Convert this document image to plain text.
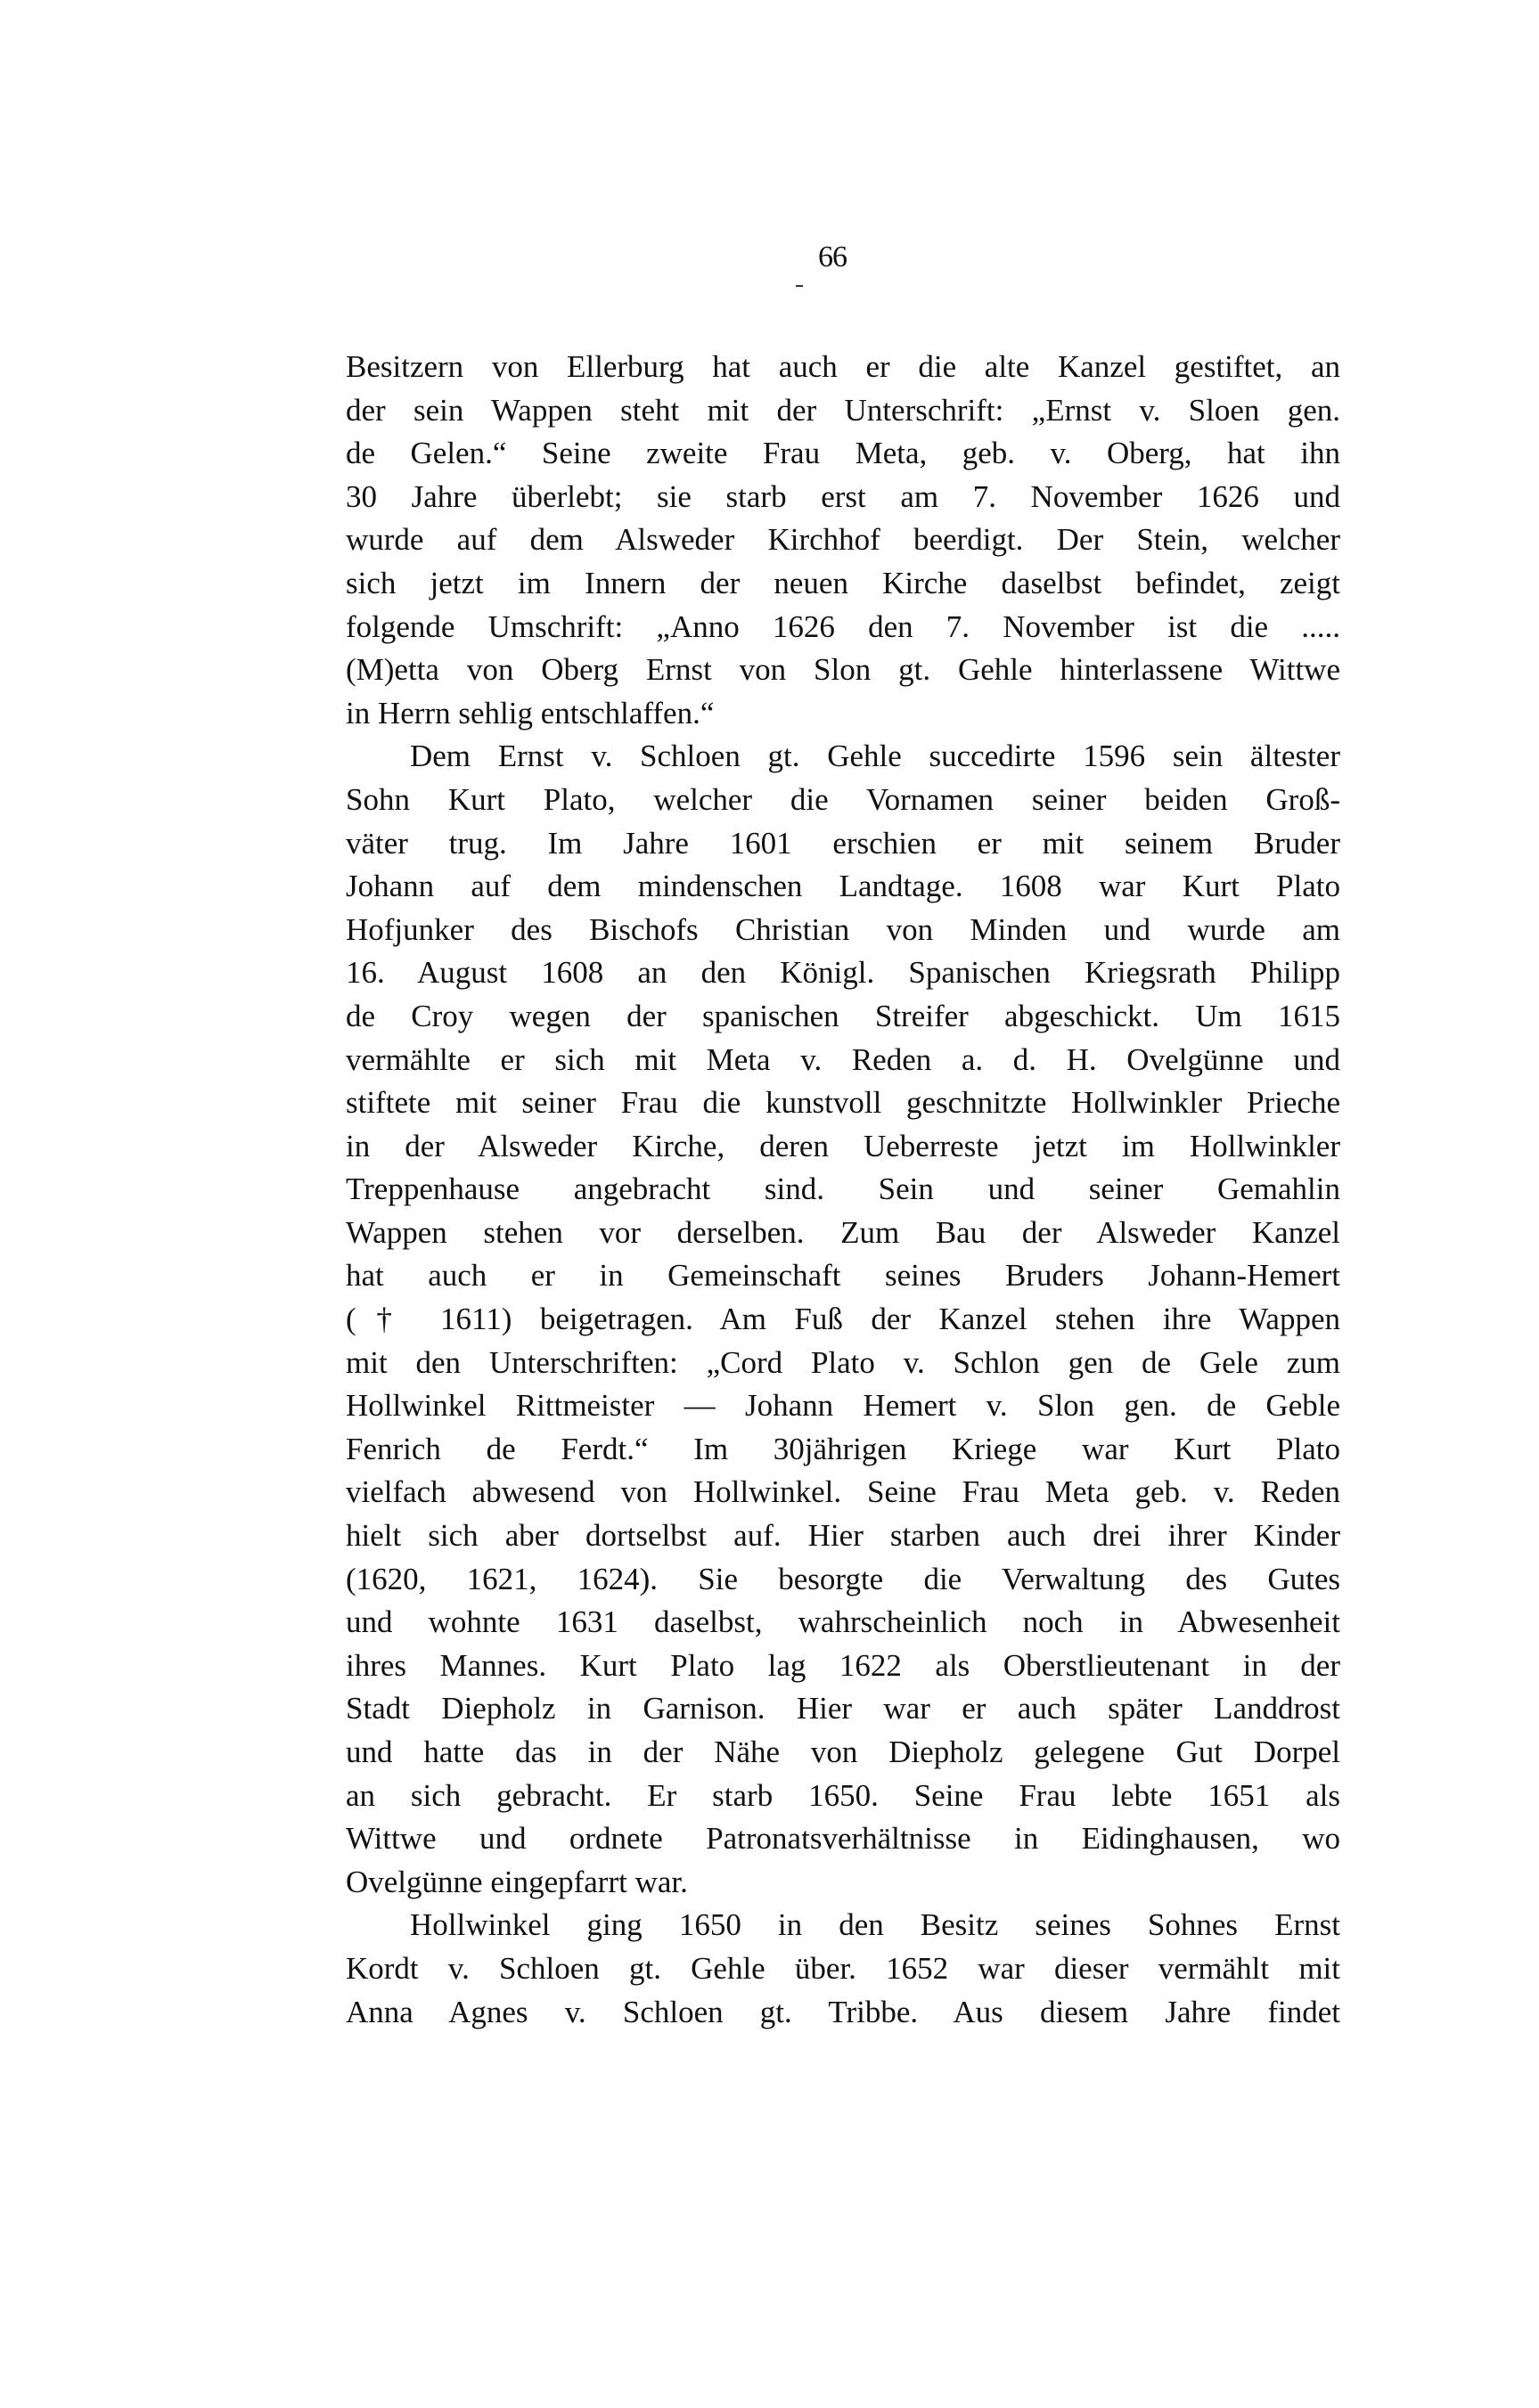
66
Besitzern von Ellerburg hat auch er die alte Kanzel gestiftet, an
der sein Wappen steht mit der Unterschrift: „Ernst v. Sloen gen.
de Gelen.“ Seine zweite Frau Meta, geb. v. Oberg, hat ihn
30 Jahre überlebt; sie starb erst am 7. November 1626 und
wurde auf dem Alsweder Kirchhof beerdigt. Der Stein, welcher
sich jetzt im Innern der neuen Kirche daselbst befindet, zeigt
folgende Umschrift: „Anno 1626 den 7. November ist die .....
(M)etta von Oberg Ernst von Slon gt. Gehle hinterlassene Wittwe
in Herrn sehlig entschlaffen.“
Dem Ernst v. Schloen gt. Gehle succedirte 1596 sein ältester
Sohn Kurt Plato, welcher die Vornamen seiner beiden Groß-
väter trug. Im Jahre 1601 erschien er mit seinem Bruder
Johann auf dem mindenschen Landtage. 1608 war Kurt Plato
Hofjunker des Bischofs Christian von Minden und wurde am
16. August 1608 an den Königl. Spanischen Kriegsrath Philipp
de Croy wegen der spanischen Streifer abgeschickt. Um 1615
vermählte er sich mit Meta v. Reden a. d. H. Ovelgünne und
stiftete mit seiner Frau die kunstvoll geschnitzte Hollwinkler Prieche
in der Alsweder Kirche, deren Ueberreste jetzt im Hollwinkler
Treppenhause angebracht sind. Sein und seiner Gemahlin
Wappen stehen vor derselben. Zum Bau der Alsweder Kanzel
hat auch er in Gemeinschaft seines Bruders Johann-Hemert
(† 1611) beigetragen. Am Fuß der Kanzel stehen ihre Wappen
mit den Unterschriften: „Cord Plato v. Schlon gen de Gele zum
Hollwinkel Rittmeister — Johann Hemert v. Slon gen. de Geble
Fenrich de Ferdt.“ Im 30jährigen Kriege war Kurt Plato
vielfach abwesend von Hollwinkel. Seine Frau Meta geb. v. Reden
hielt sich aber dortselbst auf. Hier starben auch drei ihrer Kinder
(1620, 1621, 1624). Sie besorgte die Verwaltung des Gutes
und wohnte 1631 daselbst, wahrscheinlich noch in Abwesenheit
ihres Mannes. Kurt Plato lag 1622 als Oberstlieutenant in der
Stadt Diepholz in Garnison. Hier war er auch später Landdrost
und hatte das in der Nähe von Diepholz gelegene Gut Dorpel
an sich gebracht. Er starb 1650. Seine Frau lebte 1651 als
Wittwe und ordnete Patronatsverhältnisse in Eidinghausen, wo
Ovelgünne eingepfarrt war.
Hollwinkel ging 1650 in den Besitz seines Sohnes Ernst
Kordt v. Schloen gt. Gehle über. 1652 war dieser vermählt mit
Anna Agnes v. Schloen gt. Tribbe. Aus diesem Jahre findet
